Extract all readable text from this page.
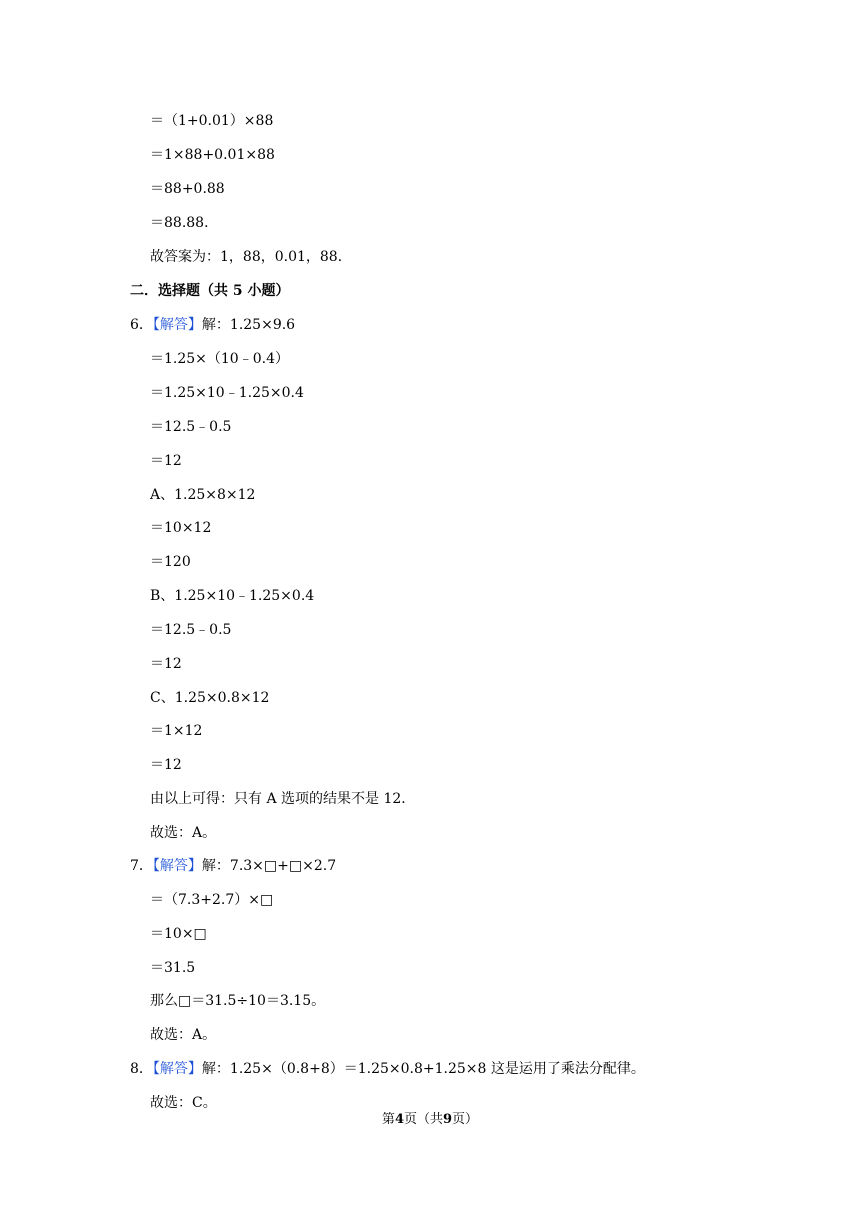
＝（1+0.01）×88
＝1×88+0.01×88
＝88+0.88
＝88.88．
故答案为：1，88，0.01，88．
二．选择题（共 5 小题）
6．【解答】解：1.25×9.6
＝1.25×（10﹣0.4）
＝1.25×10﹣1.25×0.4
＝12.5﹣0.5
＝12
A、1.25×8×12
＝10×12
＝120
B、1.25×10﹣1.25×0.4
＝12.5﹣0.5
＝12
C、1.25×0.8×12
＝1×12
＝12
由以上可得：只有 A 选项的结果不是 12．
故选：A。
7．【解答】解：7.3×□+□×2.7
＝（7.3+2.7）×□
＝10×□
＝31.5
那么□＝31.5÷10＝3.15。
故选：A。
8．【解答】解：1.25×（0.8+8）＝1.25×0.8+1.25×8 这是运用了乘法分配律。
故选：C。
第4页（共9页）
